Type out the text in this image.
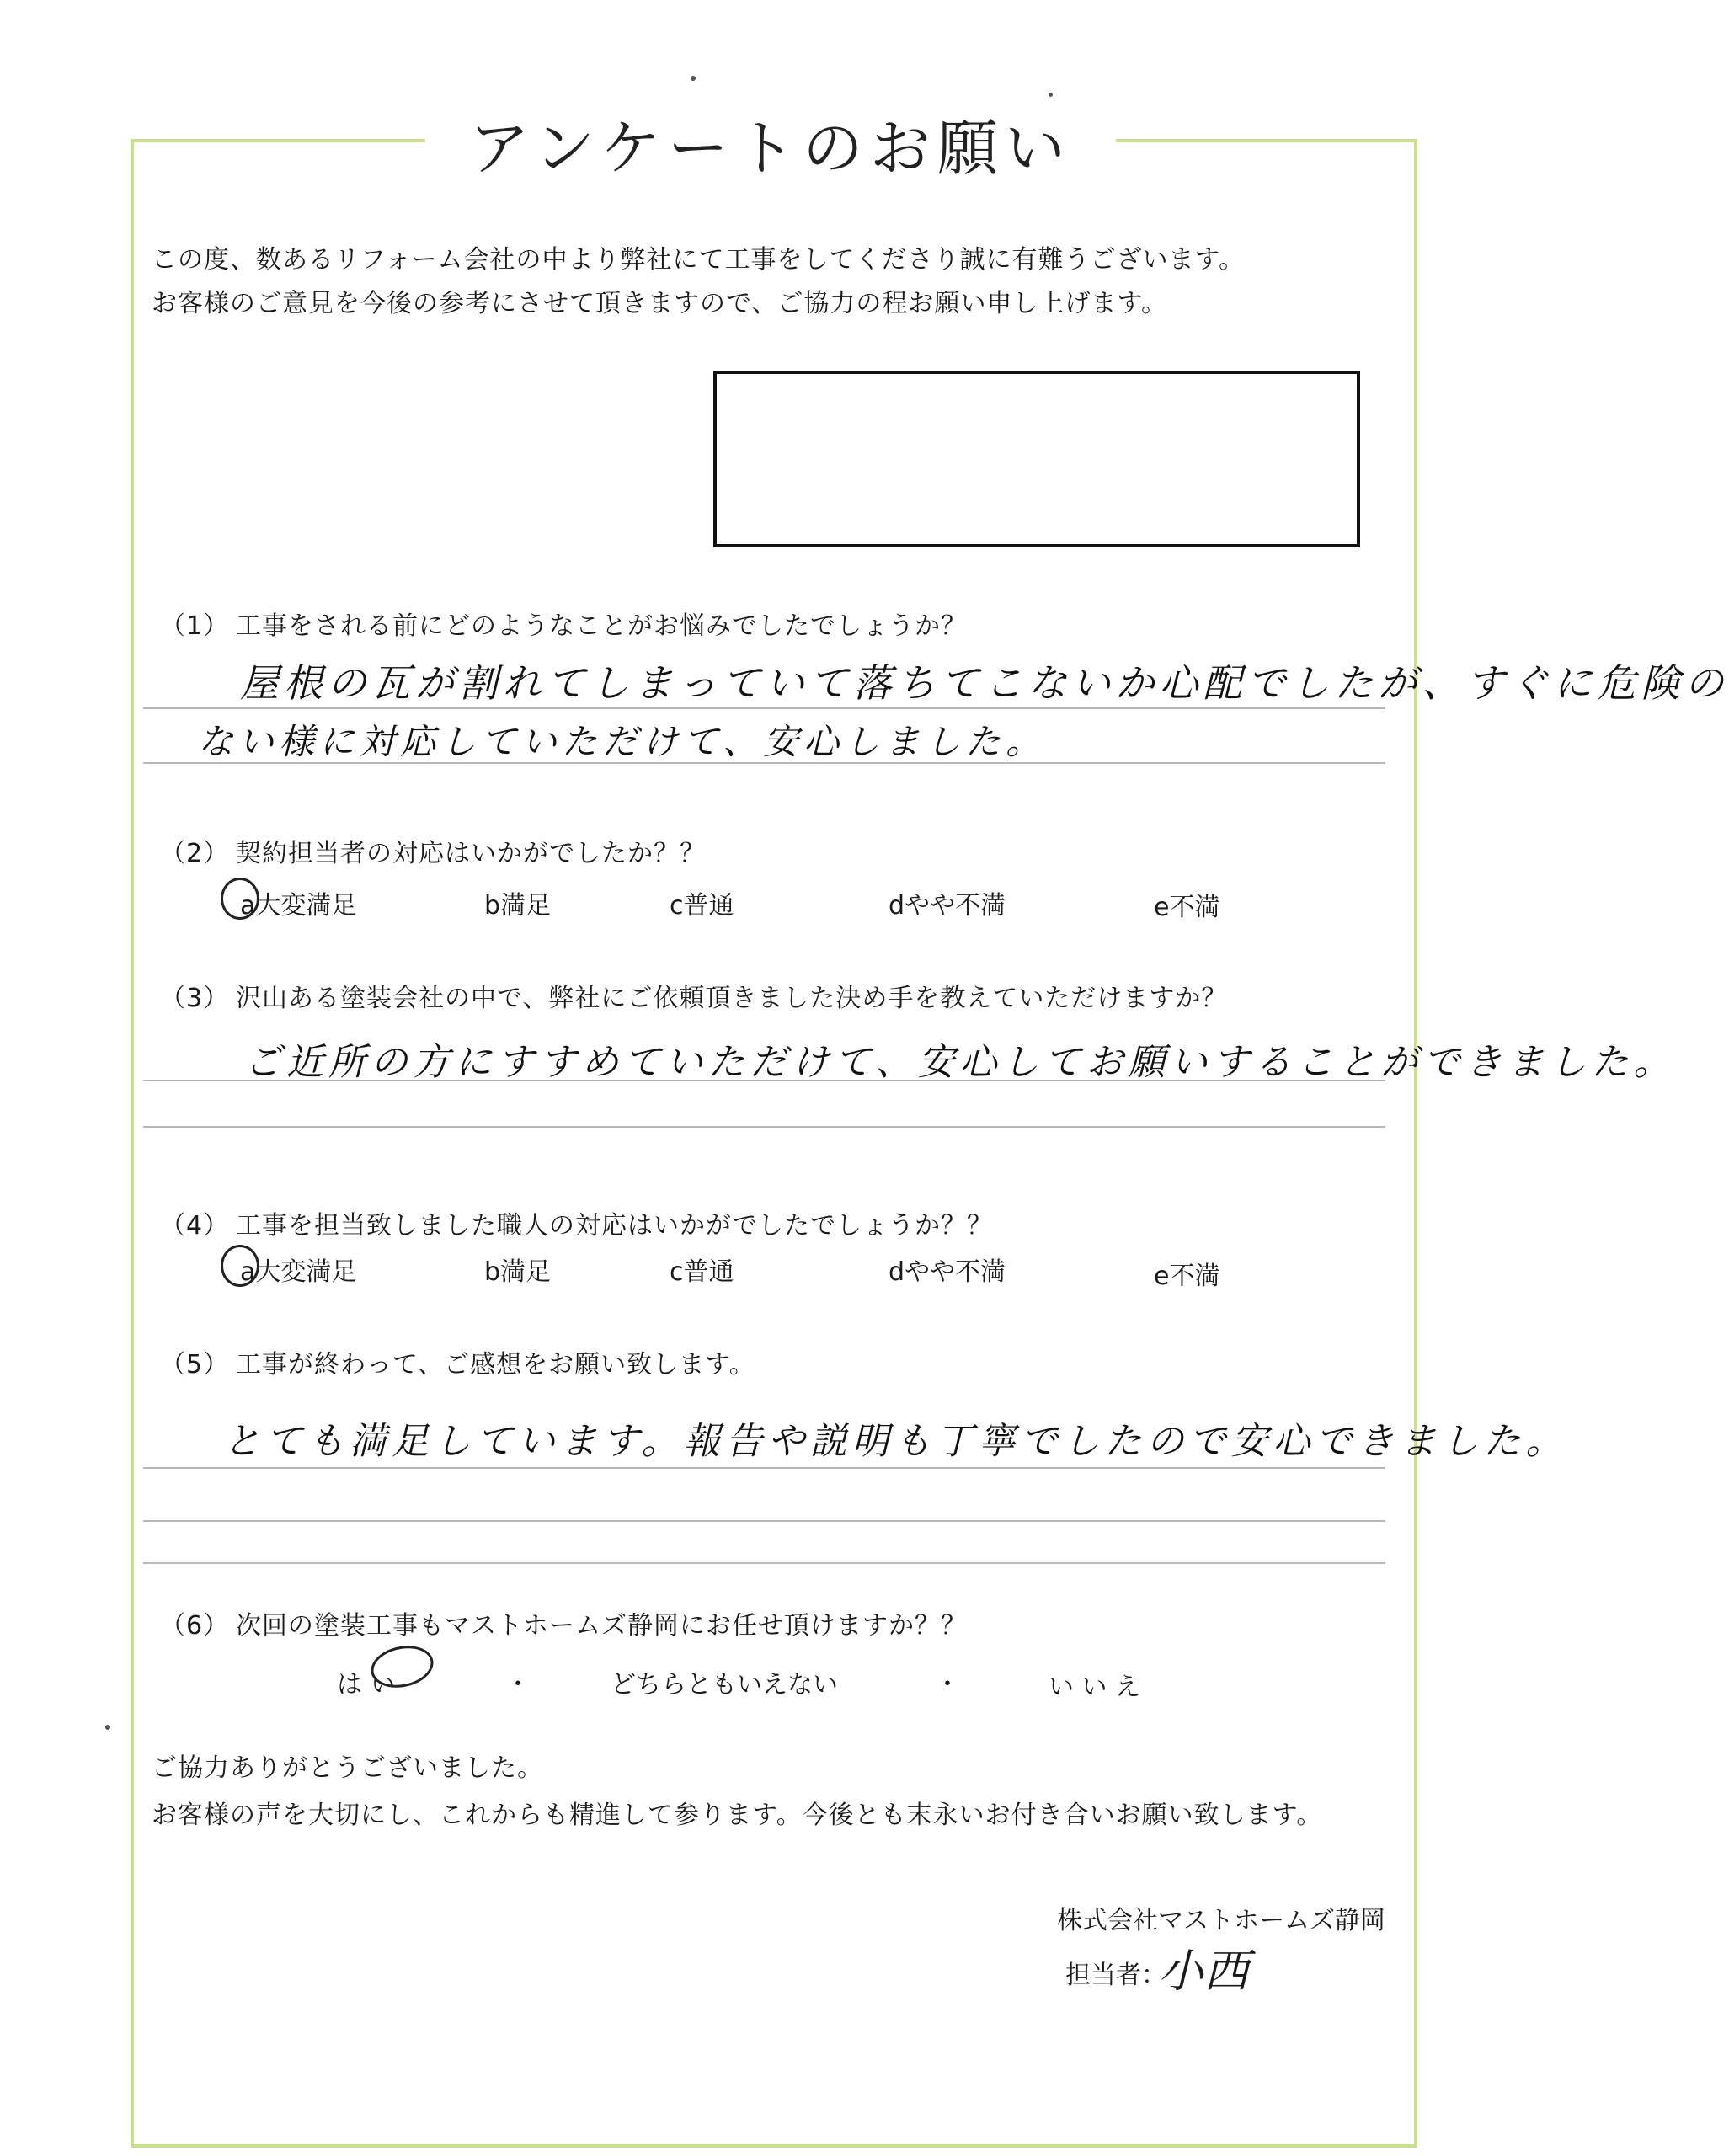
アンケートのお願い
この度、数あるリフォーム会社の中より弊社にて工事をしてくださり誠に有難うございます。
お客様のご意見を今後の参考にさせて頂きますので、ご協力の程お願い申し上げます。
（1） 工事をされる前にどのようなことがお悩みでしたでしょうか？
屋根の瓦が割れてしまっていて落ちてこないか心配でしたが、すぐに危険の
ない様に対応していただけて、安心しました。
（2） 契約担当者の対応はいかがでしたか？？
a大変満足	b満足	c普通	dやや不満	e不満
（3） 沢山ある塗装会社の中で、弊社にご依頼頂きました決め手を教えていただけますか？
ご近所の方にすすめていただけて、安心してお願いすることができました。
（4） 工事を担当致しました職人の対応はいかがでしたでしょうか？？
a大変満足	b満足	c普通	dやや不満	e不満
（5） 工事が終わって、ご感想をお願い致します。
とても満足しています。報告や説明も丁寧でしたので安心できました。
（6） 次回の塗装工事もマストホームズ静岡にお任せ頂けますか？？
は い	・	どちらともいえない	・	い い え
ご協力ありがとうございました。
お客様の声を大切にし、これからも精進して参ります。今後とも末永いお付き合いお願い致します。
株式会社マストホームズ静岡
担当者：
小西
